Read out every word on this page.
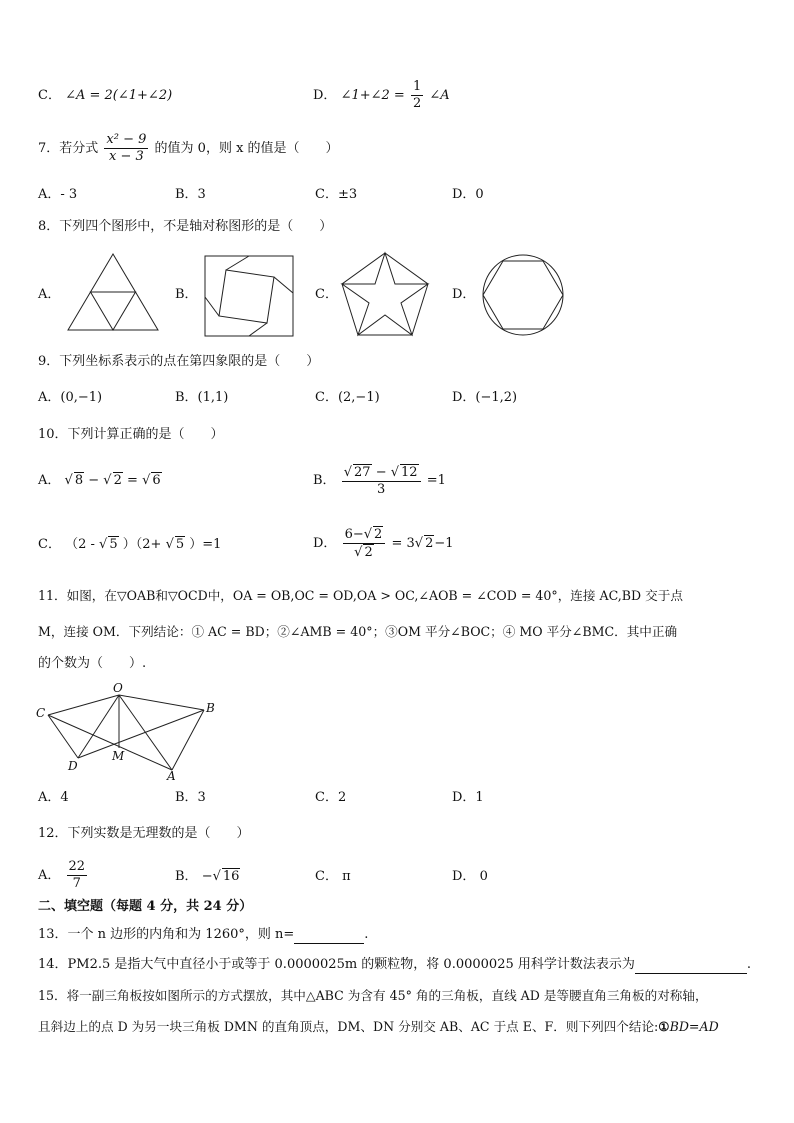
C． ∠A = 2(∠1+∠2)	D． ∠1+∠2 = $\frac{1}{2}$ ∠A
7．若分式 $\frac{\text{x² − 9}}{x - 3}$ 的值为 0，则 x 的值是（　　）
A．- 3	B．3	C．±3	D．0
8．下列四个图形中，不是轴对称图形的是（　　）
A．	B．	C．	D．
9．下列坐标系表示的点在第四象限的是（　　）
A．(0,−1)	B．(1,1)	C．(2,−1)	D．(−1,2)
10．下列计算正确的是（　　）
A． √ 8 − √ 2 = √ 6	B． $\frac{√ 27 - √ 12}{3} =1$
C． （2 - √ 5 ）（2+ √ 5 ）=1	D． $\frac{6-√ 2}{√ 2} = 3√$ 2−1
11．如图，在▽OAB和▽OCD中，OA = OB,OC = OD,OA > OC,∠AOB = ∠COD = 40°，连接 AC,BD 交于点
M，连接 OM．下列结论：① AC = BD；②∠AMB = 40°；③OM 平分∠BOC；④ MO 平分∠BMC．其中正确
的个数为（　　）.
O
C	B
D
M
A
A．4	B．3	C．2	D．1
12．下列实数是无理数的是（　　）
A． $\frac{22}{7}$	B． −√ 16	C． π	D． 0
二、填空题（每题 4 分，共 24 分）
13．一个 n 边形的内角和为 1260°，则 n=	.
14．PM2.5 是指大气中直径小于或等于 0.0000025m 的颗粒物，将 0.0000025 用科学计数法表示为	.
15．将一副三角板按如图所示的方式摆放，其中△ABC 为含有 45° 角的三角板，直线 AD 是等腰直角三角板的对称轴，
且斜边上的点 D 为另一块三角板 DMN 的直角顶点，DM、DN 分别交 AB、AC 于点 E、F．则下列四个结论:①BD=AD
